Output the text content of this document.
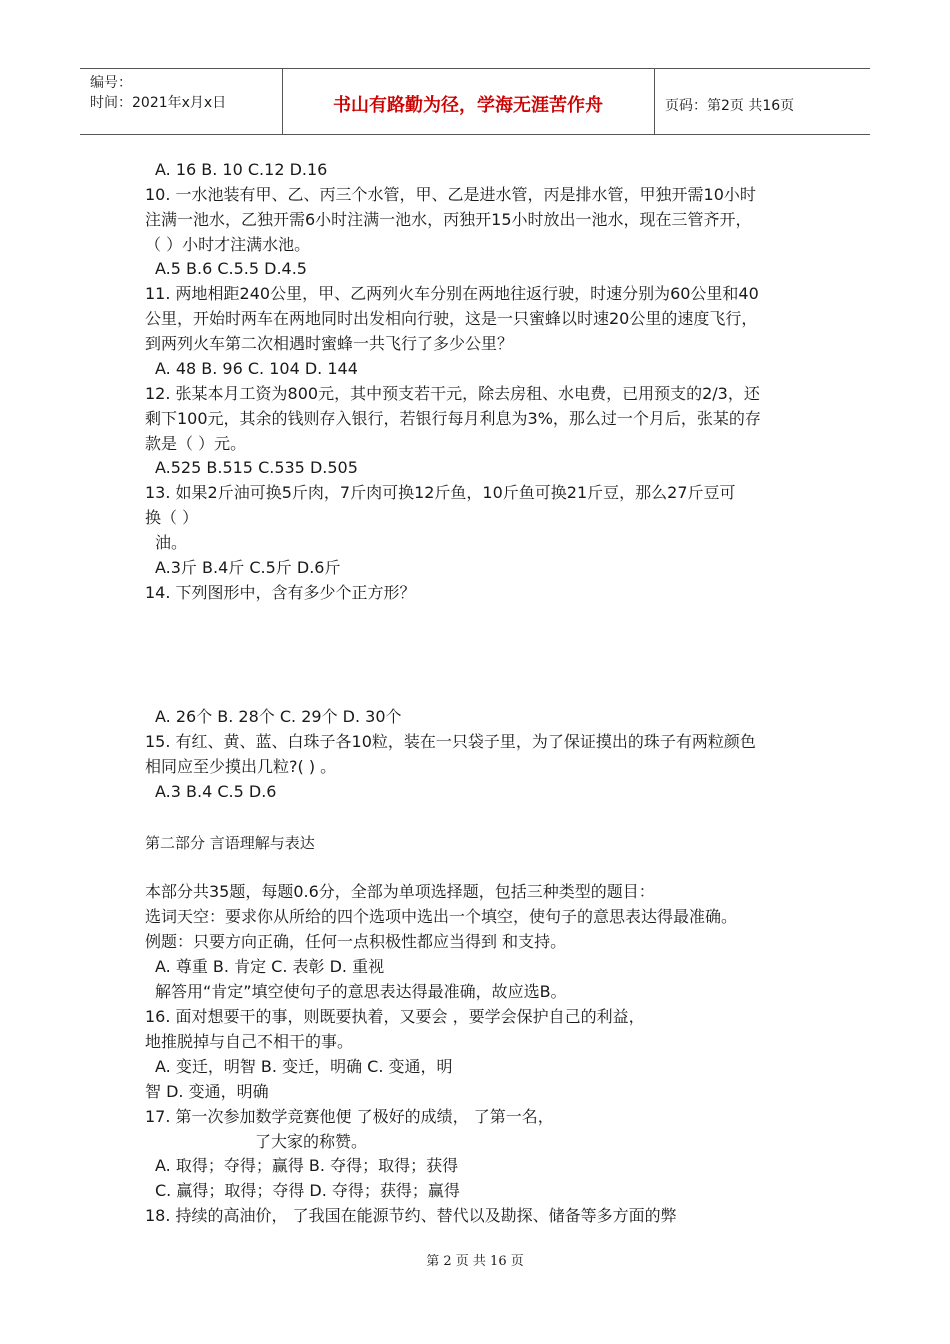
编号：
时间：2021年x月x日	书山有路勤为径，学海无涯苦作舟	页码：第2页 共16页
A. 16 B. 10 C.12 D.16
10. 一水池装有甲、乙、丙三个水管，甲、乙是进水管，丙是排水管，甲独开需10小时
注满一池水，乙独开需6小时注满一池水，丙独开15小时放出一池水，现在三管齐开，
（ ）小时才注满水池。
A.5 B.6 C.5.5 D.4.5
11. 两地相距240公里，甲、乙两列火车分别在两地往返行驶，时速分别为60公里和40
公里，开始时两车在两地同时出发相向行驶，这是一只蜜蜂以时速20公里的速度飞行，
到两列火车第二次相遇时蜜蜂一共飞行了多少公里？
A. 48 B. 96 C. 104 D. 144
12. 张某本月工资为800元，其中预支若干元，除去房租、水电费，已用预支的2/3，还
剩下100元，其余的钱则存入银行，若银行每月利息为3%，那么过一个月后，张某的存
款是（ ）元。
A.525 B.515 C.535 D.505
13. 如果2斤油可换5斤肉，7斤肉可换12斤鱼，10斤鱼可换21斤豆，那么27斤豆可
换（ ）
油。
A.3斤 B.4斤 C.5斤 D.6斤
14. 下列图形中，含有多少个正方形？
A. 26个 B. 28个 C. 29个 D. 30个
15. 有红、黄、蓝、白珠子各10粒，装在一只袋子里，为了保证摸出的珠子有两粒颜色
相同应至少摸出几粒?( ) 。
A.3 B.4 C.5 D.6
第二部分 言语理解与表达
本部分共35题，每题0.6分，全部为单项选择题，包括三种类型的题目：
选词天空：要求你从所给的四个选项中选出一个填空，使句子的意思表达得最准确。
例题：只要方向正确，任何一点积极性都应当得到 和支持。
A. 尊重 B. 肯定 C. 表彰 D. 重视
解答用“肯定”填空使句子的意思表达得最准确，故应选B。
16. 面对想要干的事，则既要执着，又要会 ，要学会保护自己的利益，
地推脱掉与自己不相干的事。
A. 变迁，明智 B. 变迁，明确 C. 变通，明
智 D. 变通，明确
17. 第一次参加数学竞赛他便 了极好的成绩， 了第一名，
了大家的称赞。
A. 取得；夺得；赢得 B. 夺得；取得；获得
C. 赢得；取得；夺得 D. 夺得；获得；赢得
18. 持续的高油价， 了我国在能源节约、替代以及勘探、储备等多方面的弊
第 2 页 共 16 页
